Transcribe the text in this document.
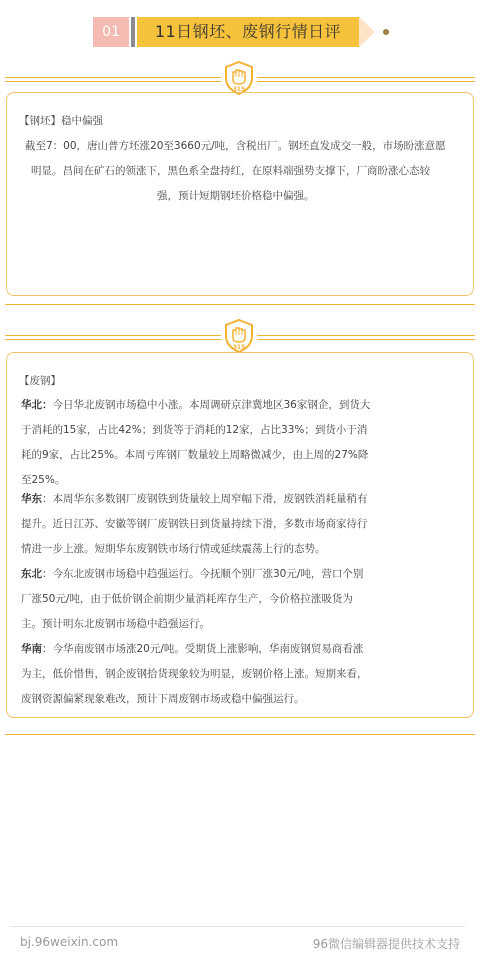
01	11日钢坯、废钢行情日评
315
【钢坯】稳中偏强
截至7：00，唐山普方坯涨20至3660元/吨，含税出厂。钢坯直发成交一般，市场盼涨意愿
明显。昌间在矿石的领涨下，黑色系全盘持红，在原料端强势支撑下，厂商盼涨心态较
强，预计短期钢坯价格稳中偏强。
315
【废钢】
华北：今日华北废钢市场稳中小涨。本周调研京津冀地区36家钢企，到货大
于消耗的15家，占比42%；到货等于消耗的12家，占比33%；到货小于消
耗的9家，占比25%。本周亏库钢厂数量较上周略微减少，由上周的27%降
至25%。
华东：本周华东多数钢厂废钢铁到货量较上周窄幅下滑，废钢铁消耗量稍有
提升。近日江苏、安徽等钢厂废钢铁日到货量持续下滑，多数市场商家待行
情进一步上涨。短期华东废钢铁市场行情或延续震荡上行的态势。
东北：今东北废钢市场稳中趋强运行。今抚顺个别厂涨30元/吨，营口个别
厂涨50元/吨，由于低价钢企前期少量消耗库存生产，今价格拉涨吸货为
主。预计明东北废钢市场稳中趋强运行。
华南：今华南废钢市场涨20元/吨。受期货上涨影响，华南废钢贸易商看涨
为主，低价惜售，钢企废钢拾货现象较为明显，废钢价格上涨。短期来看，
废钢资源偏紧现象难改，预计下周废钢市场或稳中偏强运行。
bj.96weixin.com	96微信编辑器提供技术支持
